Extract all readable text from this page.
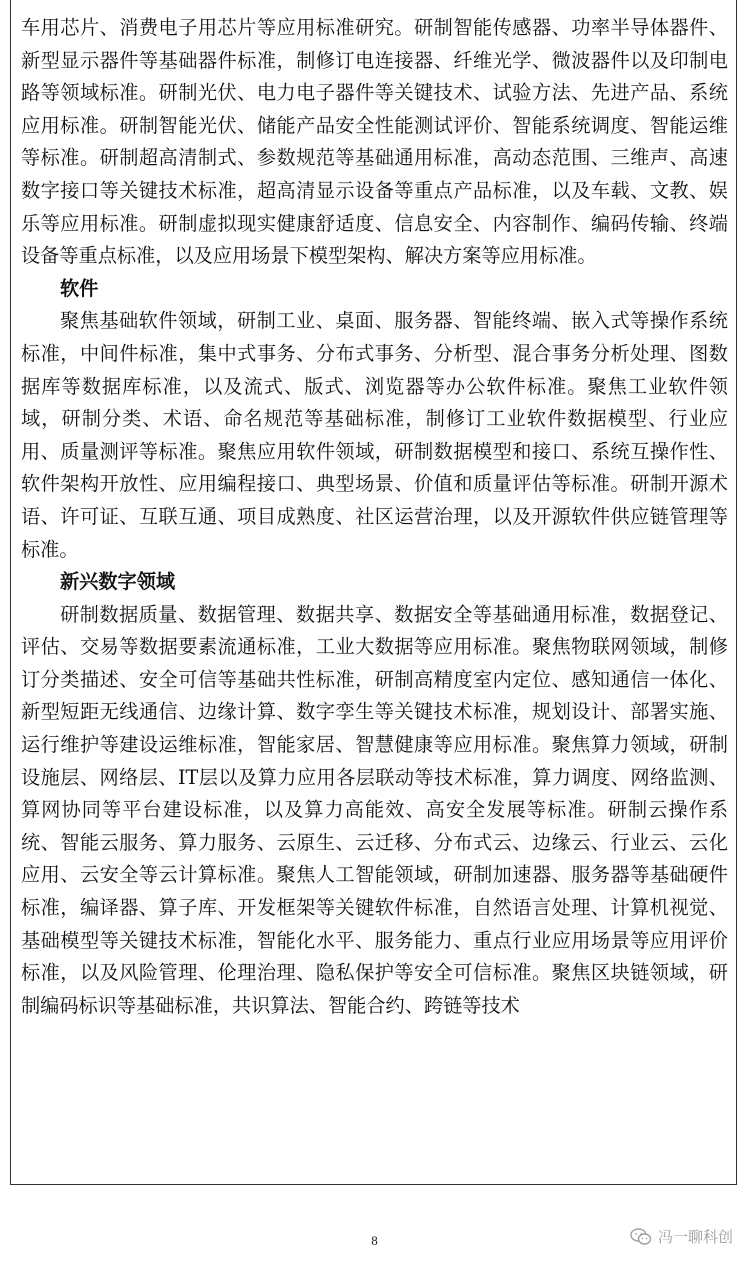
车用芯片、消费电子用芯片等应用标准研究。研制智能传感器、功率半导体器件、新型显示器件等基础器件标准，制修订电连接器、纤维光学、微波器件以及印制电路等领域标准。研制光伏、电力电子器件等关键技术、试验方法、先进产品、系统应用标准。研制智能光伏、储能产品安全性能测试评价、智能系统调度、智能运维等标准。研制超高清制式、参数规范等基础通用标准，高动态范围、三维声、高速数字接口等关键技术标准，超高清显示设备等重点产品标准，以及车载、文教、娱乐等应用标准。研制虚拟现实健康舒适度、信息安全、内容制作、编码传输、终端设备等重点标准，以及应用场景下模型架构、解决方案等应用标准。

软件

聚焦基础软件领域，研制工业、桌面、服务器、智能终端、嵌入式等操作系统标准，中间件标准，集中式事务、分布式事务、分析型、混合事务分析处理、图数据库等数据库标准，以及流式、版式、浏览器等办公软件标准。聚焦工业软件领域，研制分类、术语、命名规范等基础标准，制修订工业软件数据模型、行业应用、质量测评等标准。聚焦应用软件领域，研制数据模型和接口、系统互操作性、软件架构开放性、应用编程接口、典型场景、价值和质量评估等标准。研制开源术语、许可证、互联互通、项目成熟度、社区运营治理，以及开源软件供应链管理等标准。

新兴数字领域

研制数据质量、数据管理、数据共享、数据安全等基础通用标准，数据登记、评估、交易等数据要素流通标准，工业大数据等应用标准。聚焦物联网领域，制修订分类描述、安全可信等基础共性标准，研制高精度室内定位、感知通信一体化、新型短距无线通信、边缘计算、数字孪生等关键技术标准，规划设计、部署实施、运行维护等建设运维标准，智能家居、智慧健康等应用标准。聚焦算力领域，研制设施层、网络层、IT层以及算力应用各层联动等技术标准，算力调度、网络监测、算网协同等平台建设标准，以及算力高能效、高安全发展等标准。研制云操作系统、智能云服务、算力服务、云原生、云迁移、分布式云、边缘云、行业云、云化应用、云安全等云计算标准。聚焦人工智能领域，研制加速器、服务器等基础硬件标准，编译器、算子库、开发框架等关键软件标准，自然语言处理、计算机视觉、基础模型等关键技术标准，智能化水平、服务能力、重点行业应用场景等应用评价标准，以及风险管理、伦理治理、隐私保护等安全可信标准。聚焦区块链领域，研制编码标识等基础标准，共识算法、智能合约、跨链等技术

8	冯一聊科创
